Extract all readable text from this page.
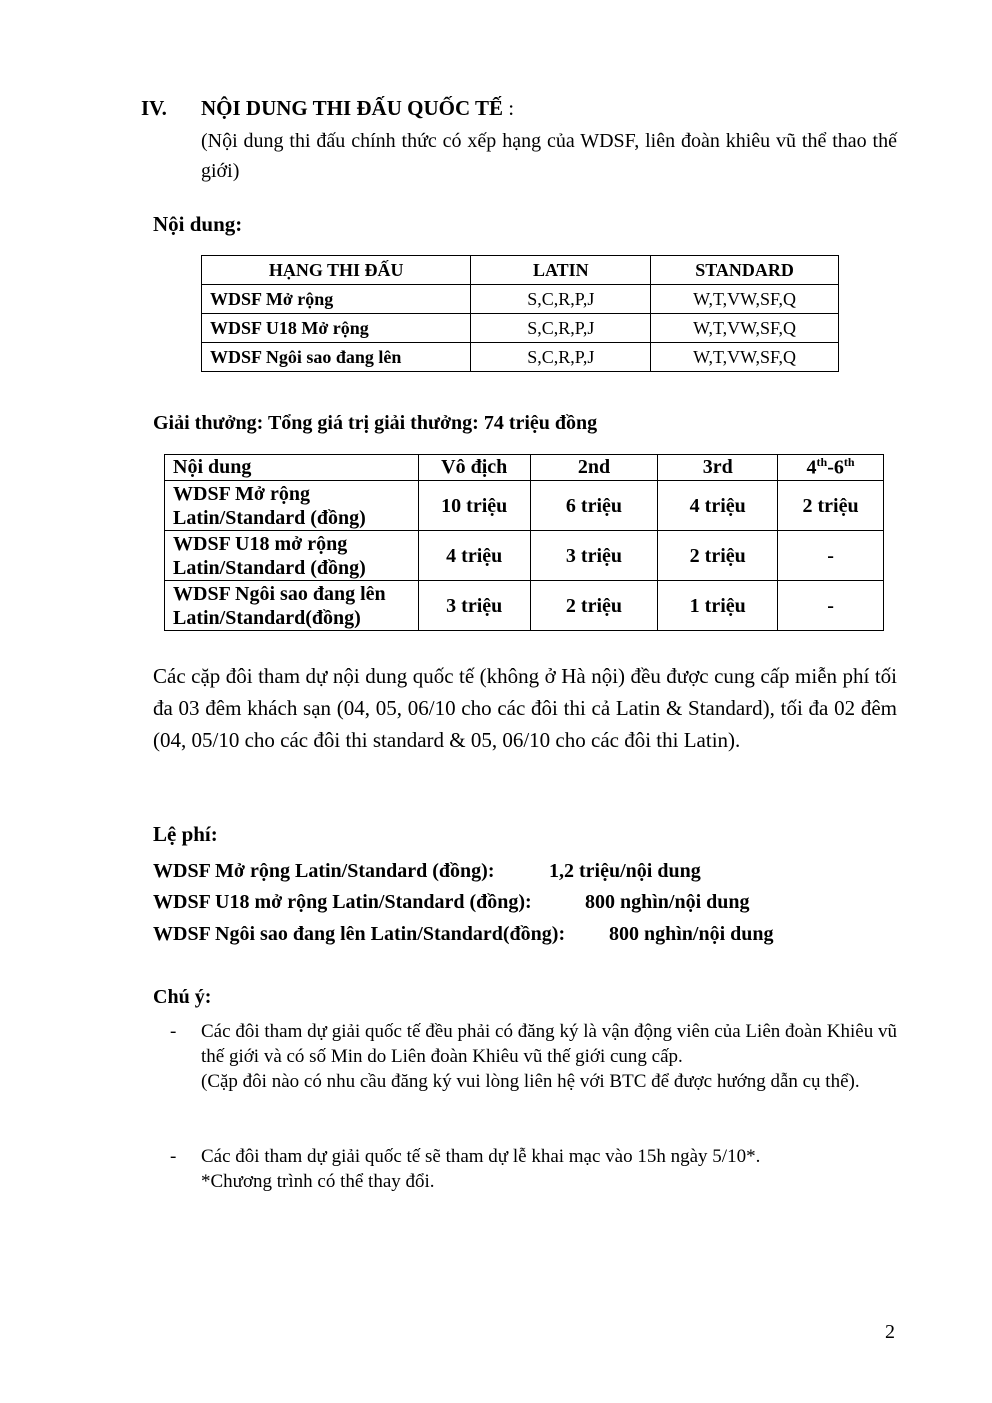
IV. NỘI DUNG THI ĐẤU QUỐC TẾ :
(Nội dung thi đấu chính thức có xếp hạng của WDSF, liên đoàn khiêu vũ thể thao thế giới)
Nội dung:
HẠNG THI ĐẤU	LATIN	STANDARD
WDSF Mở rộng	S,C,R,P,J	W,T,VW,SF,Q
WDSF U18 Mở rộng	S,C,R,P,J	W,T,VW,SF,Q
WDSF Ngôi sao đang lên	S,C,R,P,J	W,T,VW,SF,Q
Giải thưởng: Tổng giá trị giải thưởng: 74 triệu đồng
Nội dung	Vô địch	2nd	3rd	4th-6th

WDSF Mở rộng
Latin/Standard (đồng)	10 triệu	6 triệu	4 triệu	2 triệu

WDSF U18 mở rộng
Latin/Standard (đồng)	4 triệu	3 triệu	2 triệu	-

WDSF Ngôi sao đang lên
Latin/Standard(đồng)	3 triệu	2 triệu	1 triệu	-
Các cặp đôi tham dự nội dung quốc tế (không ở Hà nội) đều được cung cấp miễn phí tối đa 03 đêm khách sạn (04, 05, 06/10 cho các đôi thi cả Latin & Standard), tối đa 02 đêm (04, 05/10 cho các đôi thi standard & 05, 06/10 cho các đôi thi Latin).
Lệ phí:
WDSF Mở rộng Latin/Standard (đồng):	1,2 triệu/nội dung
WDSF U18 mở rộng Latin/Standard (đồng):	800 nghìn/nội dung
WDSF Ngôi sao đang lên Latin/Standard(đồng): 800 nghìn/nội dung
Chú ý:
- Các đôi tham dự giải quốc tế đều phải có đăng ký là vận động viên của Liên đoàn Khiêu vũ thế giới và có số Min do Liên đoàn Khiêu vũ thế giới cung cấp.
(Cặp đôi nào có nhu cầu đăng ký vui lòng liên hệ với BTC để được hướng dẫn cụ thể).
- Các đôi tham dự giải quốc tế sẽ tham dự lễ khai mạc vào 15h ngày 5/10*.
*Chương trình có thể thay đổi.
2
